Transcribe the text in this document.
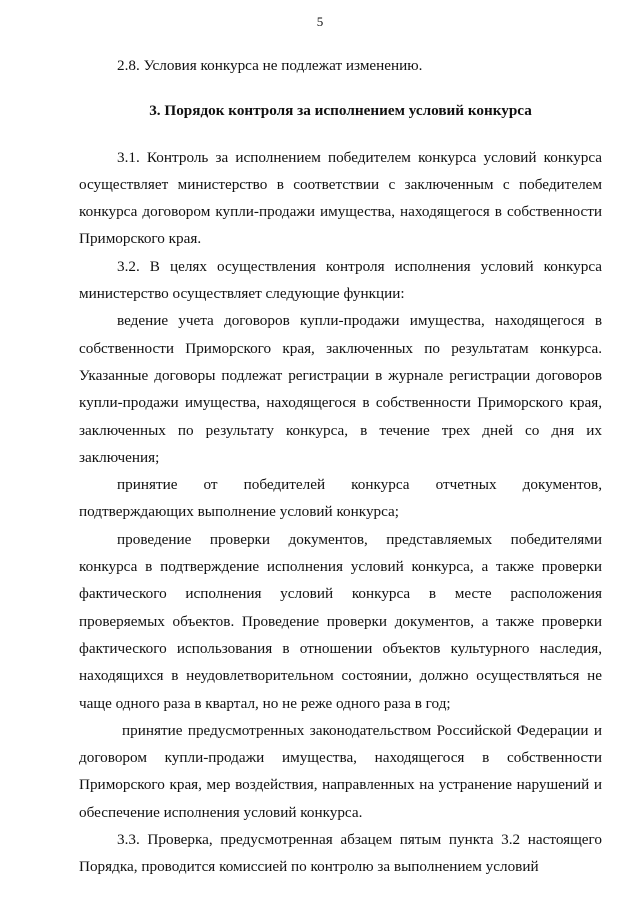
5

2.8. Условия конкурса не подлежат изменению.

3. Порядок контроля за исполнением условий конкурса

3.1. Контроль за исполнением победителем конкурса условий конкурса осуществляет министерство в соответствии с заключенным с победителем конкурса договором купли-продажи имущества, находящегося в собственности Приморского края.

3.2. В целях осуществления контроля исполнения условий конкурса министерство осуществляет следующие функции:

ведение учета договоров купли-продажи имущества, находящегося в собственности Приморского края, заключенных по результатам конкурса. Указанные договоры подлежат регистрации в журнале регистрации договоров купли-продажи имущества, находящегося в собственности Приморского края, заключенных по результату конкурса, в течение трех дней со дня их заключения;

принятие от победителей конкурса отчетных документов, подтверждающих выполнение условий конкурса;

проведение проверки документов, представляемых победителями конкурса в подтверждение исполнения условий конкурса, а также проверки фактического исполнения условий конкурса в месте расположения проверяемых объектов. Проведение проверки документов, а также проверки фактического использования в отношении объектов культурного наследия, находящихся в неудовлетворительном состоянии, должно осуществляться не чаще одного раза в квартал, но не реже одного раза в год;

принятие предусмотренных законодательством Российской Федерации и договором купли-продажи имущества, находящегося в собственности Приморского края, мер воздействия, направленных на устранение нарушений и обеспечение исполнения условий конкурса.

3.3. Проверка, предусмотренная абзацем пятым пункта 3.2 настоящего Порядка, проводится комиссией по контролю за выполнением условий
